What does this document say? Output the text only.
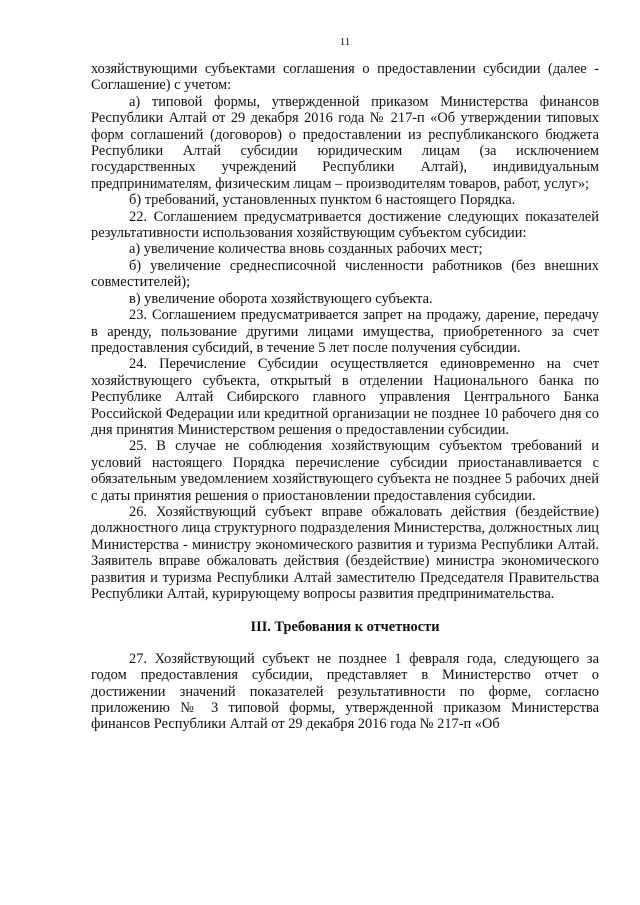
11

хозяйствующими субъектами соглашения о предоставлении субсидии (далее - Соглашение) с учетом:

а) типовой формы, утвержденной приказом Министерства финансов Республики Алтай от 29 декабря 2016 года № 217-п «Об утверждении типовых форм соглашений (договоров) о предоставлении из республиканского бюджета Республики Алтай субсидии юридическим лицам (за исключением государственных учреждений Республики Алтай), индивидуальным предпринимателям, физическим лицам – производителям товаров, работ, услуг»;

б) требований, установленных пунктом 6 настоящего Порядка.

22. Соглашением предусматривается достижение следующих показателей результативности использования хозяйствующим субъектом субсидии:

а) увеличение количества вновь созданных рабочих мест;

б) увеличение среднесписочной численности работников (без внешних совместителей);

в) увеличение оборота хозяйствующего субъекта.

23. Соглашением предусматривается запрет на продажу, дарение, передачу в аренду, пользование другими лицами имущества, приобретенного за счет предоставления субсидий, в течение 5 лет после получения субсидии.

24. Перечисление Субсидии осуществляется единовременно на счет хозяйствующего субъекта, открытый в отделении Национального банка по Республике Алтай Сибирского главного управления Центрального Банка Российской Федерации или кредитной организации не позднее 10 рабочего дня со дня принятия Министерством решения о предоставлении субсидии.

25. В случае не соблюдения хозяйствующим субъектом требований и условий настоящего Порядка перечисление субсидии приостанавливается с обязательным уведомлением хозяйствующего субъекта не позднее 5 рабочих дней с даты принятия решения о приостановлении предоставления субсидии.

26. Хозяйствующий субъект вправе обжаловать действия (бездействие) должностного лица структурного подразделения Министерства, должностных лиц Министерства - министру экономического развития и туризма Республики Алтай. Заявитель вправе обжаловать действия (бездействие) министра экономического развития и туризма Республики Алтай заместителю Председателя Правительства Республики Алтай, курирующему вопросы развития предпринимательства.

III. Требования к отчетности

27. Хозяйствующий субъект не позднее 1 февраля года, следующего за годом предоставления субсидии, представляет в Министерство отчет о достижении значений показателей результативности по форме, согласно приложению № 3 типовой формы, утвержденной приказом Министерства финансов Республики Алтай от 29 декабря 2016 года № 217-п «Об
